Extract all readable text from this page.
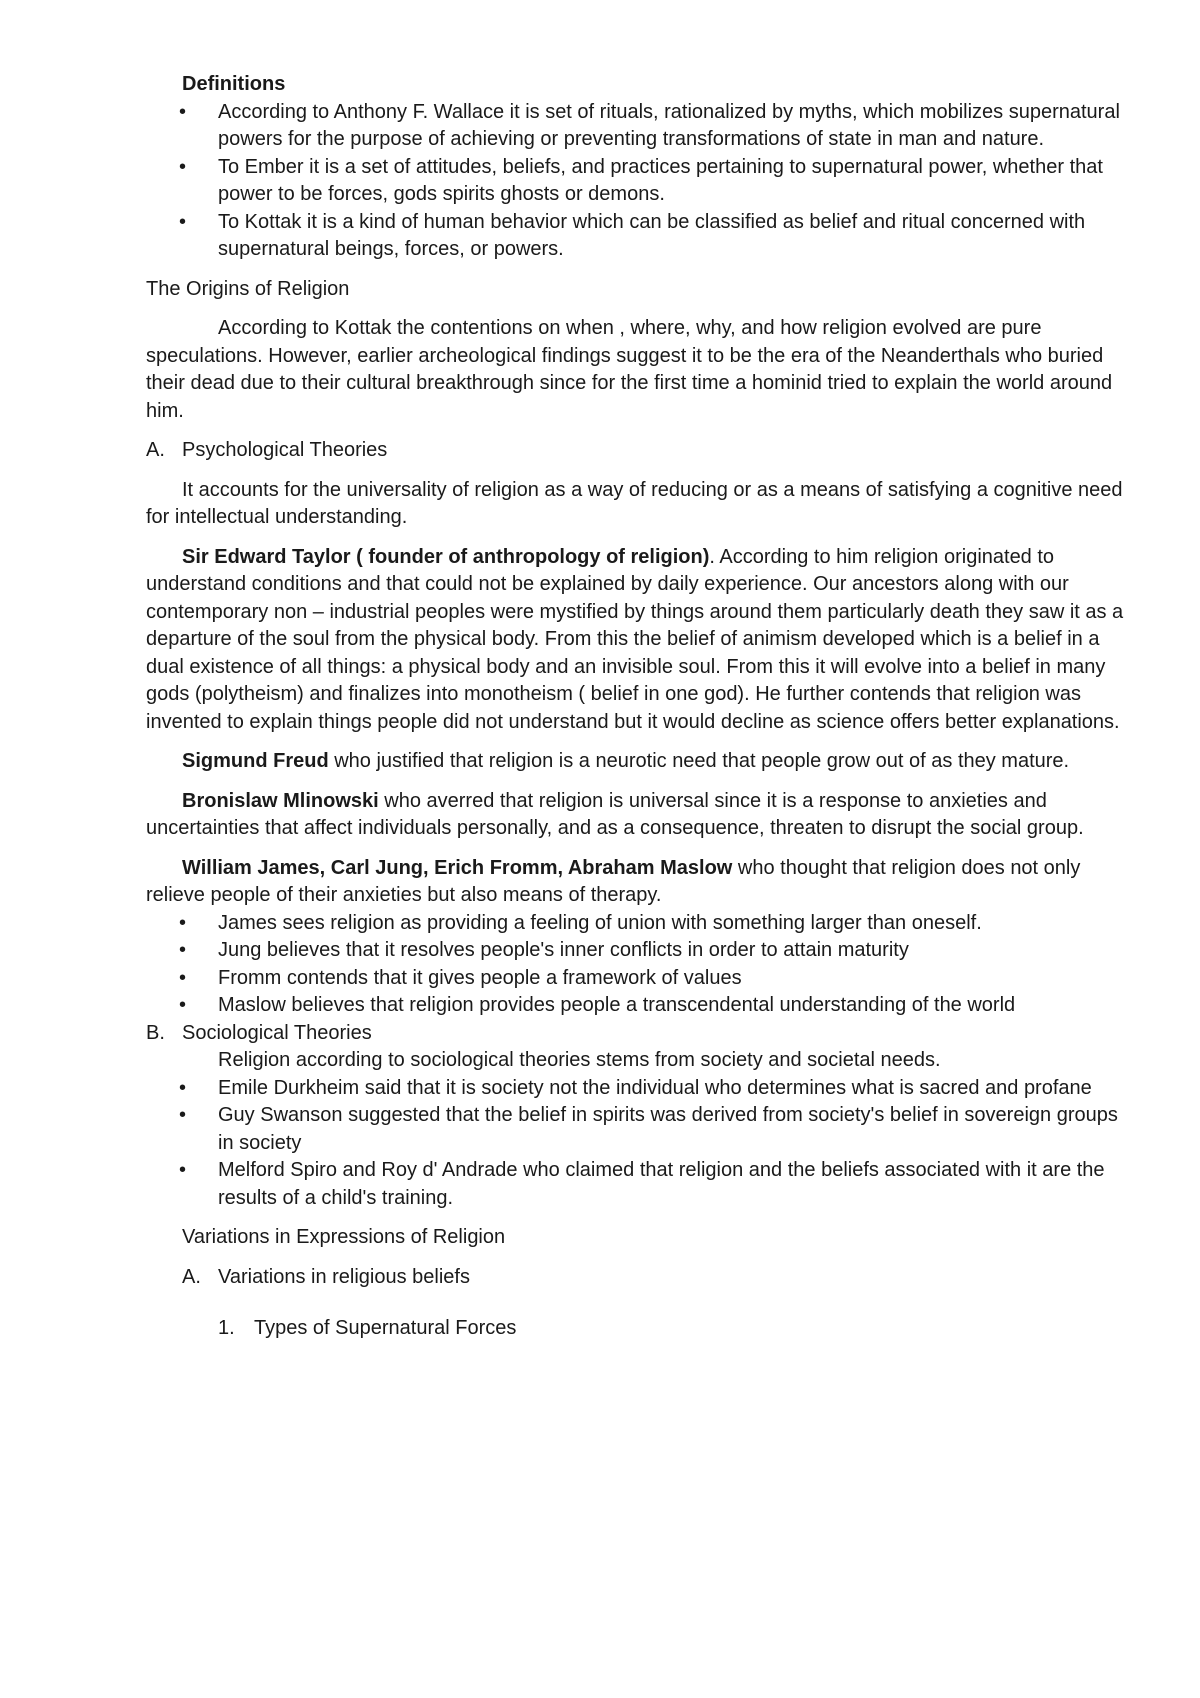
Definitions

• According to Anthony F. Wallace it is set of rituals, rationalized by myths, which mobilizes supernatural powers for the purpose of achieving or preventing transformations of state in man and nature.
• To Ember it is a set of attitudes, beliefs, and practices pertaining to supernatural power, whether that power to be forces, gods spirits ghosts or demons.
• To Kottak it is a kind of human behavior which can be classified as belief and ritual concerned with supernatural beings, forces, or powers.

The Origins of Religion

According to Kottak the contentions on when , where, why, and how religion evolved are pure speculations. However, earlier archeological findings suggest it to be the era of the Neanderthals who buried their dead due to their cultural breakthrough since for the first time a hominid tried to explain the world around him.

A. Psychological Theories

It accounts for the universality of religion as a way of reducing or as a means of satisfying a cognitive need for intellectual understanding.

Sir Edward Taylor ( founder of anthropology of religion). According to him religion originated to understand conditions and that could not be explained by daily experience. Our ancestors along with our contemporary non – industrial peoples were mystified by things around them particularly death they saw it as a departure of the soul from the physical body. From this the belief of animism developed which is a belief in a dual existence of all things: a physical body and an invisible soul. From this it will evolve into a belief in many gods (polytheism) and finalizes into monotheism ( belief in one god). He further contends that religion was invented to explain things people did not understand but it would decline as science offers better explanations.

Sigmund Freud who justified that religion is a neurotic need that people grow out of as they mature.

Bronislaw Mlinowski who averred that religion is universal since it is a response to anxieties and uncertainties that affect individuals personally, and as a consequence, threaten to disrupt the social group.

William James, Carl Jung, Erich Fromm, Abraham Maslow who thought that religion does not only relieve people of their anxieties but also means of therapy.

• James sees religion as providing a feeling of union with something larger than oneself.
• Jung believes that it resolves people's inner conflicts in order to attain maturity
• Fromm contends that it gives people a framework of values
• Maslow believes that religion provides people a transcendental understanding of the world

B. Sociological Theories

Religion according to sociological theories stems from society and societal needs.

• Emile Durkheim said that it is society not the individual who determines what is sacred and profane
• Guy Swanson suggested that the belief in spirits was derived from society's belief in sovereign groups in society
• Melford Spiro and Roy d' Andrade who claimed that religion and the beliefs associated with it are the results of a child's training.

Variations in Expressions of Religion

A. Variations in religious beliefs

1. Types of Supernatural Forces
